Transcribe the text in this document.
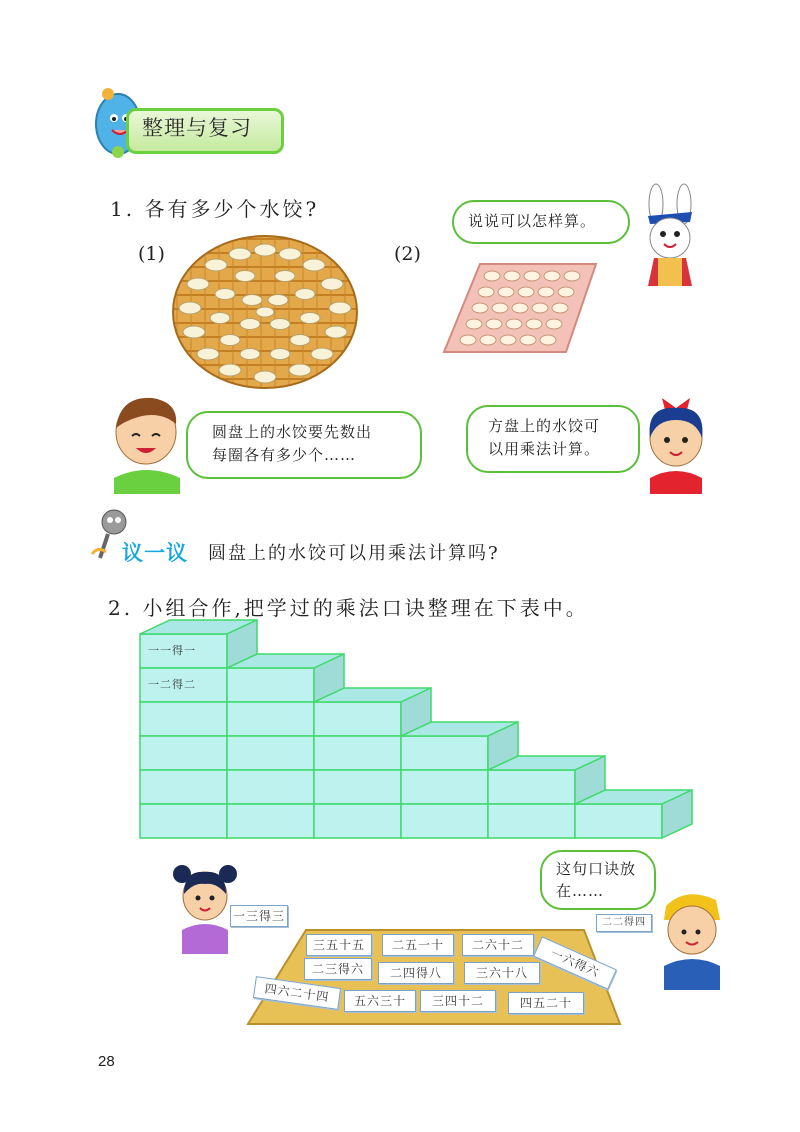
整理与复习
1. 各有多少个水饺?
(1)	(2)
说说可以怎样算。
圆盘上的水饺要先数出
每圈各有多少个……
方盘上的水饺可
以用乘法计算。
议一议 圆盘上的水饺可以用乘法计算吗?
2. 小组合作,把学过的乘法口诀整理在下表中。
一一得一
一二得二
一三得三
这句口诀放
在……
二二得四
三五十五	二五一十	二六十二
一六得六
二三得六	二四得八	三六十八
四六二十四	五六三十	三四十二	四五二十
28
